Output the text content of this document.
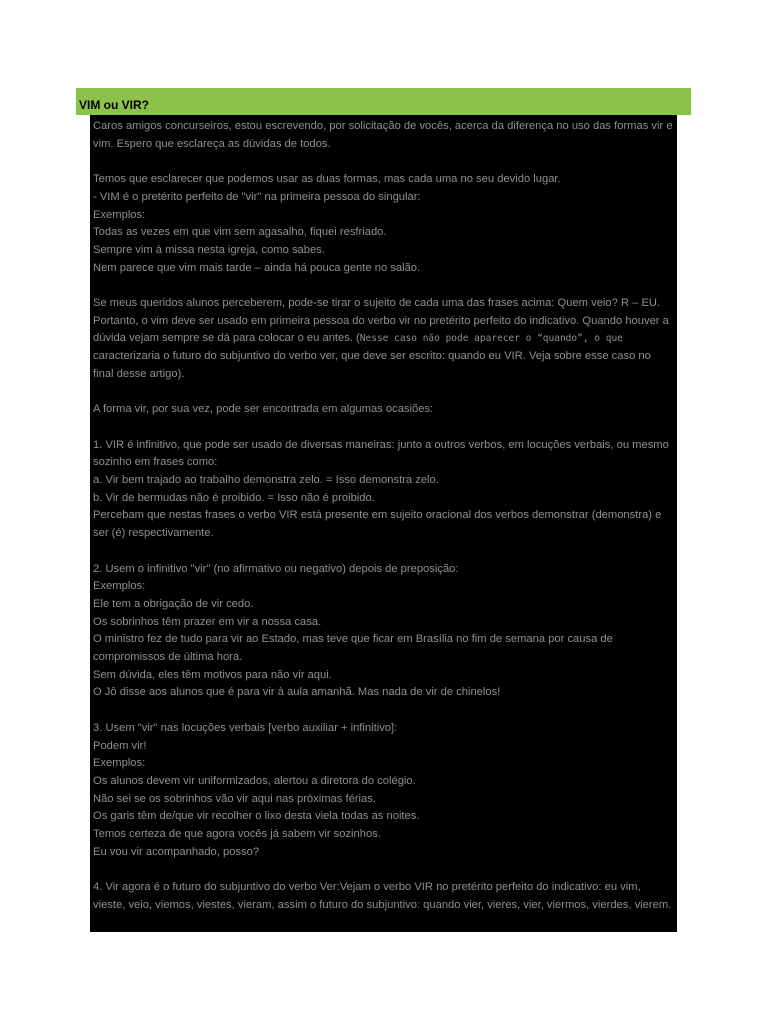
VIM ou VIR?

Caros amigos concurseiros, estou escrevendo, por solicitação de vocês, acerca da diferença no uso das formas vir e vim. Espero que esclareça as dúvidas de todos.

Temos que esclarecer que podemos usar as duas formas, mas cada uma no seu devido lugar.
- VIM é o pretérito perfeito de "vir" na primeira pessoa do singular:
Exemplos:
Todas as vezes em que vim sem agasalho, fiquei resfriado.
Sempre vim à missa nesta igreja, como sabes.
Nem parece que vim mais tarde – ainda há pouca gente no salão.

Se meus queridos alunos perceberem, pode-se tirar o sujeito de cada uma das frases acima: Quem veio? R – EU. Portanto, o vim deve ser usado em primeira pessoa do verbo vir no pretérito perfeito do indicativo. Quando houver a dúvida vejam sempre se dá para colocar o eu antes. (Nesse caso não pode aparecer o “quando”, o que caracterizaria o futuro do subjuntivo do verbo ver, que deve ser escrito: quando eu VIR. Veja sobre esse caso no final desse artigo).

A forma vir, por sua vez, pode ser encontrada em algumas ocasiões:

1. VIR é infinitivo, que pode ser usado de diversas maneiras: junto a outros verbos, em locuções verbais, ou mesmo sozinho em frases como:
a. Vir bem trajado ao trabalho demonstra zelo. = Isso demonstra zelo.
b. Vir de bermudas não é proibido. = Isso não é proibido.
Percebam que nestas frases o verbo VIR está presente em sujeito oracional dos verbos demonstrar (demonstra) e ser (é) respectivamente.

2. Usem o infinitivo "vir" (no afirmativo ou negativo) depois de preposição:
Exemplos:
Ele tem a obrigação de vir cedo.
Os sobrinhos têm prazer em vir a nossa casa.
O ministro fez de tudo para vir ao Estado, mas teve que ficar em Brasília no fim de semana por causa de compromissos de última hora.
Sem dúvida, eles têm motivos para não vir aqui.
O Jô disse aos alunos que é para vir à aula amanhã. Mas nada de vir de chinelos!

3. Usem "vir" nas locuções verbais [verbo auxiliar + infinitivo]:
Podem vir!
Exemplos:
Os alunos devem vir uniformizados, alertou a diretora do colégio.
Não sei se os sobrinhos vão vir aqui nas próximas férias.
Os garis têm de/que vir recolher o lixo desta viela todas as noites.
Temos certeza de que agora vocês já sabem vir sozinhos.
Eu vou vir acompanhado, posso?

4. Vir agora é o futuro do subjuntivo do verbo Ver:Vejam o verbo VIR no pretérito perfeito do indicativo: eu vim, vieste, veio, viemos, viestes, vieram, assim o futuro do subjuntivo: quando vier, vieres, vier, viermos, vierdes, vierem.
